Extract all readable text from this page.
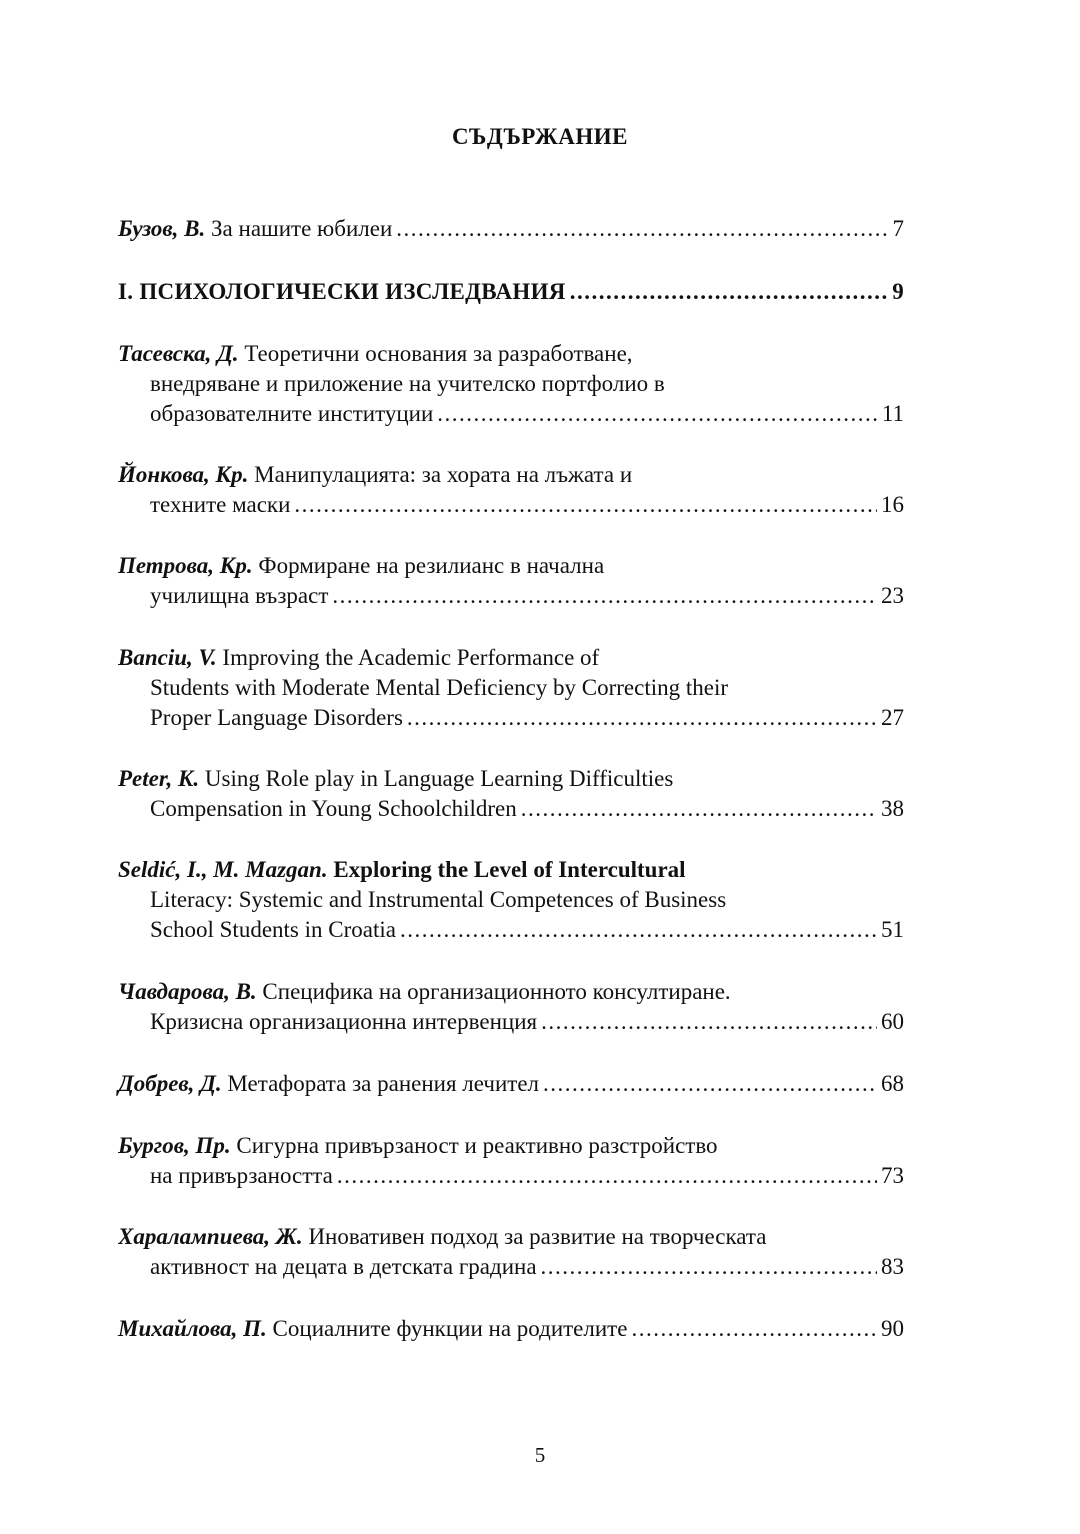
СЪДЪРЖАНИЕ
Бузов, В. За нашите юбилеи .....	7
I. ПСИХОЛОГИЧЕСКИ ИЗСЛЕДВАНИЯ .....	9
Тасевска, Д. Теоретични основания за разработване,
внедряване и приложение на учителско портфолио в
образователните институции .....	11
Йонкова, Кр. Манипулацията: за хората на лъжата и
техните маски .....	16
Петрова, Кр. Формиране на резилианс в начална
училищна възраст .....	23
Banciu, V. Improving the Academic Performance of
Students with Moderate Mental Deficiency by Correcting their
Proper Language Disorders .....	27
Peter, K. Using Role play in Language Learning Difficulties
Compensation in Young Schoolchildren .....	38
Seldić, I., M. Mazgan. Exploring the Level of Intercultural
Literacy: Systemic and Instrumental Competences of Business
School Students in Croatia .....	51
Чавдарова, В. Специфика на организационното консултиране.
Кризисна организационна интервенция .....	60
Добрев, Д. Метафората за ранения лечител .....	68
Бургов, Пр. Сигурна привързаност и реактивно разстройство
на привързаността .....	73
Харалампиева, Ж. Иновативен подход за развитие на творческата
активност на децата в детската градина .....	83
Михайлова, П. Социалните функции на родителите .....	90
5
